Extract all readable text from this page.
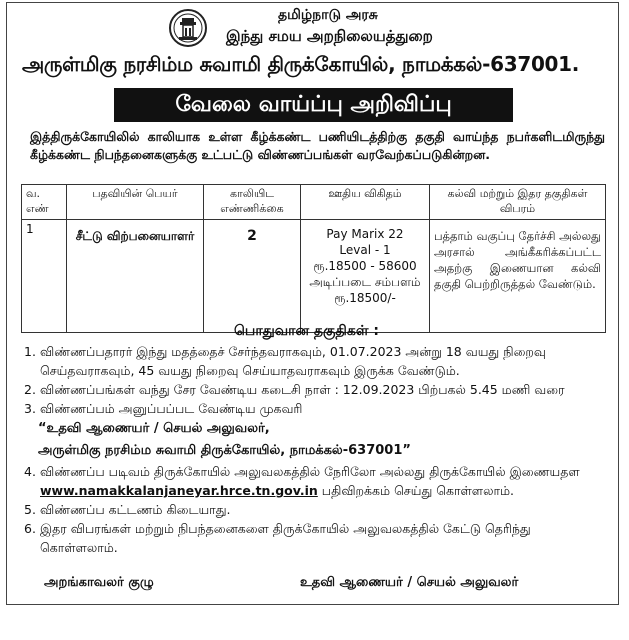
தமிழ்நாடு அரசு
இந்து சமய அறநிலையத்துறை
அருள்மிகு நரசிம்ம சுவாமி திருக்கோயில், நாமக்கல்-637001.
வேலை வாய்ப்பு அறிவிப்பு
இத்திருக்கோயிலில் காலியாக உள்ள கீழ்க்கண்ட பணியிடத்திற்கு தகுதி வாய்ந்த நபர்களிடமிருந்து கீழ்க்கண்ட நிபந்தனைகளுக்கு உட்பட்டு விண்ணப்பங்கள் வரவேற்கப்படுகின்றன.
வ. எண்	பதவியின் பெயர்	காலியிட எண்ணிக்கை	ஊதிய விகிதம்	கல்வி மற்றும் இதர தகுதிகள் விபரம்
1	சீட்டு விற்பனையாளர்	2	Pay Marix 22
Leval - 1
ரூ.18500 - 58600
அடிப்படை சம்பளம்
ரூ.18500/-	பத்தாம் வகுப்பு தேர்ச்சி அல்லது அரசால் அங்கீகரிக்கப்பட்ட அதற்கு இணையான கல்வி தகுதி பெற்றிருத்தல் வேண்டும்.
பொதுவான தகுதிகள் :
1. விண்ணப்பதாரர் இந்து மதத்தைச் சேர்ந்தவராகவும், 01.07.2023 அன்று 18 வயது நிறைவு செய்தவராகவும், 45 வயது நிறைவு செய்யாதவராகவும் இருக்க வேண்டும்.
2. விண்ணப்பங்கள் வந்து சேர வேண்டிய கடைசி நாள் : 12.09.2023 பிற்பகல் 5.45 மணி வரை
3. விண்ணப்பம் அனுப்பப்பட வேண்டிய முகவரி
“உதவி ஆணையர் / செயல் அலுவலர்,
அருள்மிகு நரசிம்ம சுவாமி திருக்கோயில், நாமக்கல்-637001”
4. விண்ணப்ப படிவம் திருக்கோயில் அலுவலகத்தில் நேரிலோ அல்லது திருக்கோயில் இணையதள
www.namakkalanjaneyar.hrce.tn.gov.in பதிவிறக்கம் செய்து கொள்ளலாம்.
5. விண்ணப்ப கட்டணம் கிடையாது.
6. இதர விபரங்கள் மற்றும் நிபந்தனைகளை திருக்கோயில் அலுவலகத்தில் கேட்டு தெரிந்து கொள்ளலாம்.
அறங்காவலர் குழு	உதவி ஆணையர் / செயல் அலுவலர்
